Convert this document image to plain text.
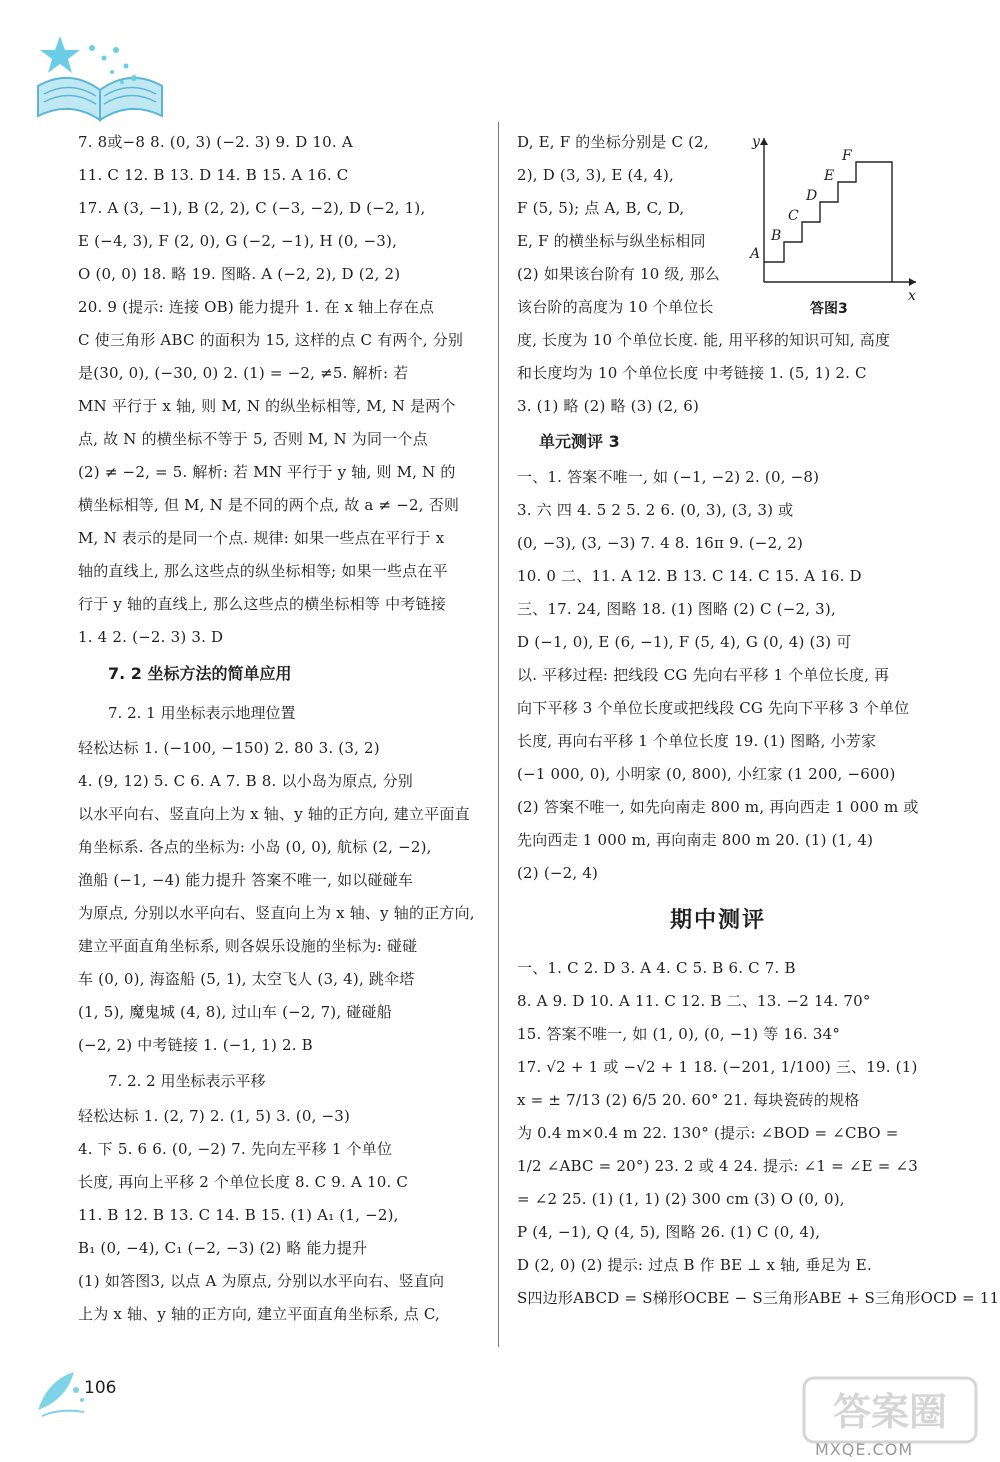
7. 8或−8 8. (0, 3) (−2. 3) 9. D 10. A
11. C 12. B 13. D 14. B 15. A 16. C
17. A (3, −1), B (2, 2), C (−3, −2), D (−2, 1),
E (−4, 3), F (2, 0), G (−2, −1), H (0, −3),
O (0, 0) 18. 略 19. 图略. A (−2, 2), D (2, 2)
20. 9 (提示: 连接 OB) 能力提升 1. 在 x 轴上存在点
C 使三角形 ABC 的面积为 15, 这样的点 C 有两个, 分别
是(30, 0), (−30, 0) 2. (1) = −2, ≠5. 解析: 若
MN 平行于 x 轴, 则 M, N 的纵坐标相等, M, N 是两个
点, 故 N 的横坐标不等于 5, 否则 M, N 为同一个点
(2) ≠ −2, = 5. 解析: 若 MN 平行于 y 轴, 则 M, N 的
横坐标相等, 但 M, N 是不同的两个点, 故 a ≠ −2, 否则
M, N 表示的是同一个点. 规律: 如果一些点在平行于 x
轴的直线上, 那么这些点的纵坐标相等; 如果一些点在平
行于 y 轴的直线上, 那么这些点的横坐标相等 中考链接
1. 4 2. (−2. 3) 3. D
7. 2 坐标方法的简单应用
7. 2. 1 用坐标表示地理位置
轻松达标 1. (−100, −150) 2. 80 3. (3, 2)
4. (9, 12) 5. C 6. A 7. B 8. 以小岛为原点, 分别
以水平向右、竖直向上为 x 轴、y 轴的正方向, 建立平面直
角坐标系. 各点的坐标为: 小岛 (0, 0), 航标 (2, −2),
渔船 (−1, −4) 能力提升 答案不唯一, 如以碰碰车
为原点, 分别以水平向右、竖直向上为 x 轴、y 轴的正方向,
建立平面直角坐标系, 则各娱乐设施的坐标为: 碰碰
车 (0, 0), 海盗船 (5, 1), 太空飞人 (3, 4), 跳伞塔
(1, 5), 魔鬼城 (4, 8), 过山车 (−2, 7), 碰碰船
(−2, 2) 中考链接 1. (−1, 1) 2. B
7. 2. 2 用坐标表示平移
轻松达标 1. (2, 7) 2. (1, 5) 3. (0, −3)
4. 下 5. 6 6. (0, −2) 7. 先向左平移 1 个单位
长度, 再向上平移 2 个单位长度 8. C 9. A 10. C
11. B 12. B 13. C 14. B 15. (1) A₁ (1, −2),
B₁ (0, −4), C₁ (−2, −3) (2) 略 能力提升
(1) 如答图3, 以点 A 为原点, 分别以水平向右、竖直向
上为 x 轴、y 轴的正方向, 建立平面直角坐标系, 点 C,
D, E, F 的坐标分别是 C (2,
2), D (3, 3), E (4, 4),
F (5, 5); 点 A, B, C, D,
E, F 的横坐标与纵坐标相同
(2) 如果该台阶有 10 级, 那么
该台阶的高度为 10 个单位长
度, 长度为 10 个单位长度. 能, 用平移的知识可知, 高度
和长度均为 10 个单位长度 中考链接 1. (5, 1) 2. C
3. (1) 略 (2) 略 (3) (2, 6)
单元测评 3
一、1. 答案不唯一, 如 (−1, −2) 2. (0, −8)
3. 六 四 4. 5 2 5. 2 6. (0, 3), (3, 3) 或
(0, −3), (3, −3) 7. 4 8. 16π 9. (−2, 2)
10. 0 二、11. A 12. B 13. C 14. C 15. A 16. D
三、17. 24, 图略 18. (1) 图略 (2) C (−2, 3),
D (−1, 0), E (6, −1), F (5, 4), G (0, 4) (3) 可
以. 平移过程: 把线段 CG 先向右平移 1 个单位长度, 再
向下平移 3 个单位长度或把线段 CG 先向下平移 3 个单位
长度, 再向右平移 1 个单位长度 19. (1) 图略, 小芳家
(−1 000, 0), 小明家 (0, 800), 小红家 (1 200, −600)
(2) 答案不唯一, 如先向南走 800 m, 再向西走 1 000 m 或
先向西走 1 000 m, 再向南走 800 m 20. (1) (1, 4)
(2) (−2, 4)
期中测评
一、1. C 2. D 3. A 4. C 5. B 6. C 7. B
8. A 9. D 10. A 11. C 12. B 二、13. −2 14. 70°
15. 答案不唯一, 如 (1, 0), (0, −1) 等 16. 34°
17. √2 + 1 或 −√2 + 1 18. (−201, 1/100) 三、19. (1)
x = ± 7/13 (2) 6/5 20. 60° 21. 每块瓷砖的规格
为 0.4 m×0.4 m 22. 130° (提示: ∠BOD = ∠CBO =
1/2 ∠ABC = 20°) 23. 2 或 4 24. 提示: ∠1 = ∠E = ∠3
= ∠2 25. (1) (1, 1) (2) 300 cm (3) O (0, 0),
P (4, −1), Q (4, 5), 图略 26. (1) C (0, 4),
D (2, 0) (2) 提示: 过点 B 作 BE ⊥ x 轴, 垂足为 E.
S四边形ABCD = S梯形OCBE − S三角形ABE + S三角形OCD = 11
x
y
A
B
C
D
E
F
答图3
106
答案圈
MXQE.COM
